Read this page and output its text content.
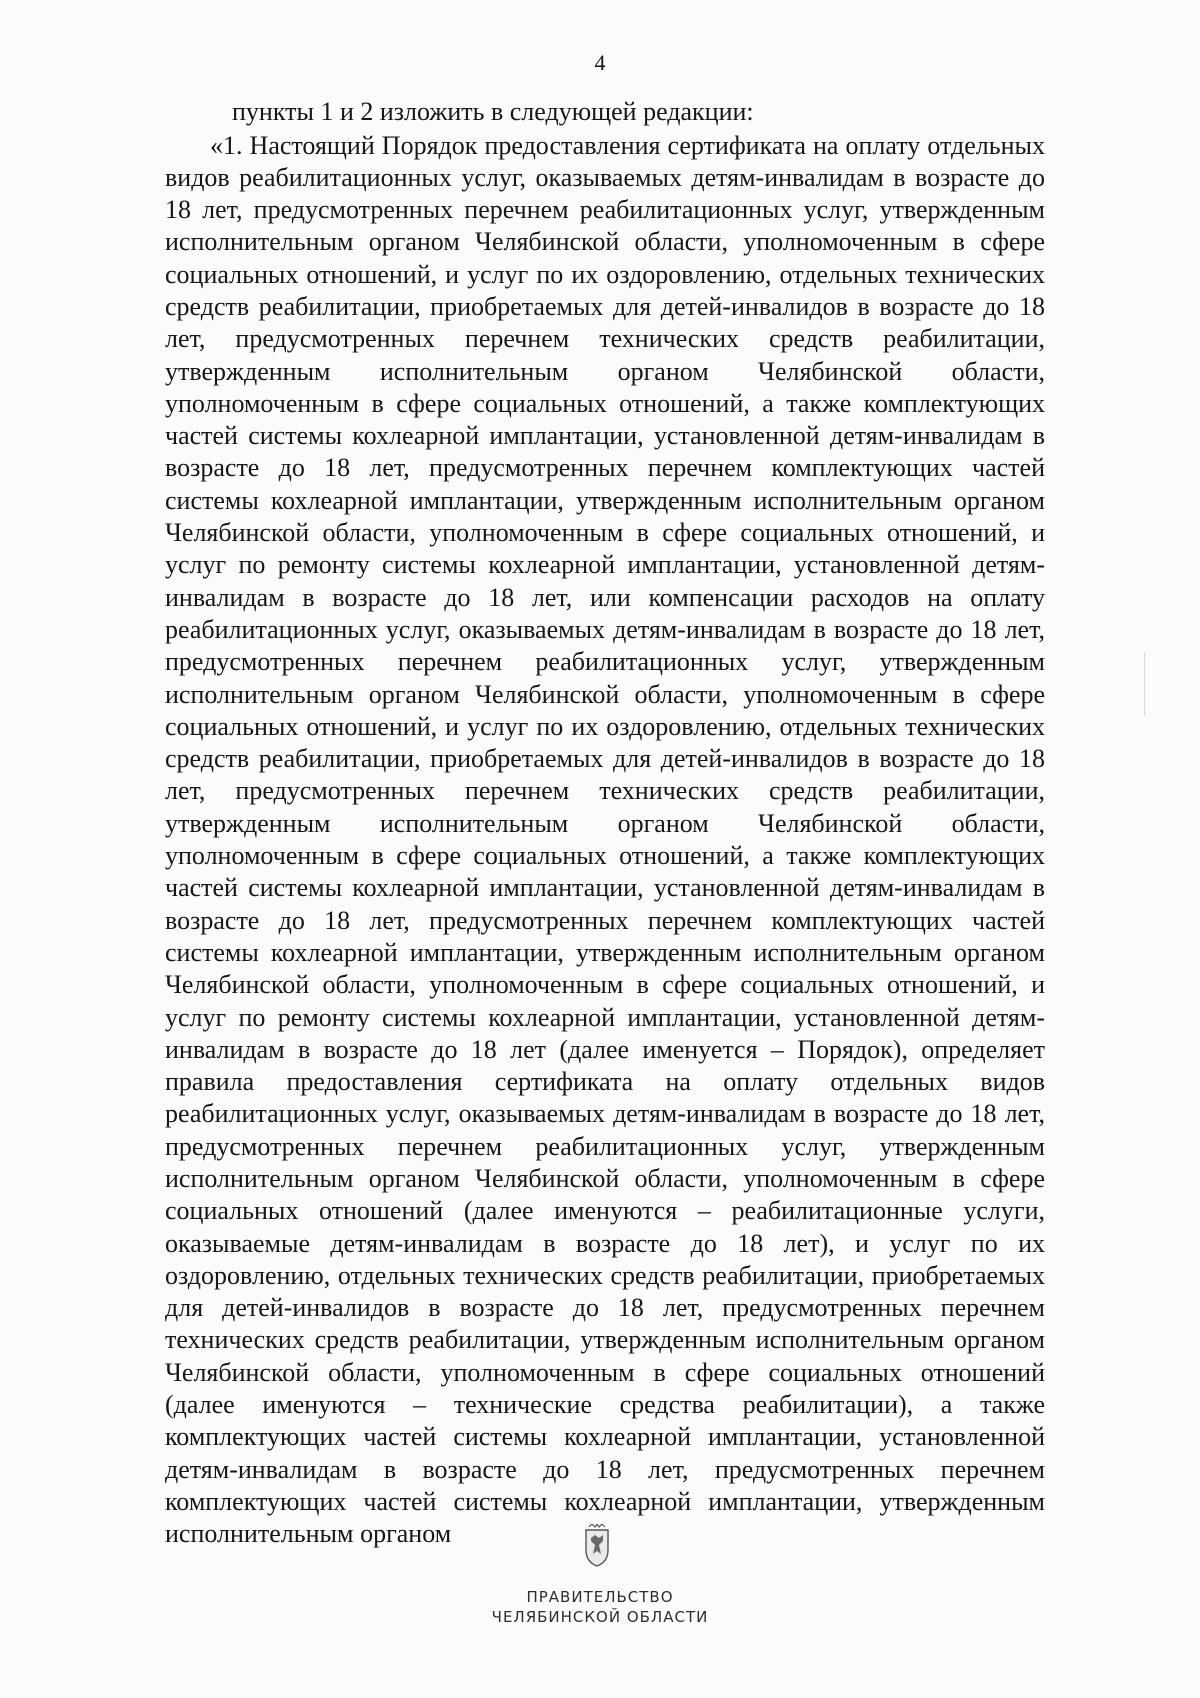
4

пункты 1 и 2 изложить в следующей редакции:

«1. Настоящий Порядок предоставления сертификата на оплату отдельных видов реабилитационных услуг, оказываемых детям-инвалидам в возрасте до 18 лет, предусмотренных перечнем реабилитационных услуг, утвержденным исполнительным органом Челябинской области, уполномоченным в сфере социальных отношений, и услуг по их оздоровлению, отдельных технических средств реабилитации, приобретаемых для детей-инвалидов в возрасте до 18 лет, предусмотренных перечнем технических средств реабилитации, утвержденным исполнительным органом Челябинской области, уполномоченным в сфере социальных отношений, а также комплектующих частей системы кохлеарной имплантации, установленной детям-инвалидам в возрасте до 18 лет, предусмотренных перечнем комплектующих частей системы кохлеарной имплантации, утвержденным исполнительным органом Челябинской области, уполномоченным в сфере социальных отношений, и услуг по ремонту системы кохлеарной имплантации, установленной детям-инвалидам в возрасте до 18 лет, или компенсации расходов на оплату реабилитационных услуг, оказываемых детям-инвалидам в возрасте до 18 лет, предусмотренных перечнем реабилитационных услуг, утвержденным исполнительным органом Челябинской области, уполномоченным в сфере социальных отношений, и услуг по их оздоровлению, отдельных технических средств реабилитации, приобретаемых для детей-инвалидов в возрасте до 18 лет, предусмотренных перечнем технических средств реабилитации, утвержденным исполнительным органом Челябинской области, уполномоченным в сфере социальных отношений, а также комплектующих частей системы кохлеарной имплантации, установленной детям-инвалидам в возрасте до 18 лет, предусмотренных перечнем комплектующих частей системы кохлеарной имплантации, утвержденным исполнительным органом Челябинской области, уполномоченным в сфере социальных отношений, и услуг по ремонту системы кохлеарной имплантации, установленной детям-инвалидам в возрасте до 18 лет (далее именуется – Порядок), определяет правила предоставления сертификата на оплату отдельных видов реабилитационных услуг, оказываемых детям-инвалидам в возрасте до 18 лет, предусмотренных перечнем реабилитационных услуг, утвержденным исполнительным органом Челябинской области, уполномоченным в сфере социальных отношений (далее именуются – реабилитационные услуги, оказываемые детям-инвалидам в возрасте до 18 лет), и услуг по их оздоровлению, отдельных технических средств реабилитации, приобретаемых для детей-инвалидов в возрасте до 18 лет, предусмотренных перечнем технических средств реабилитации, утвержденным исполнительным органом Челябинской области, уполномоченным в сфере социальных отношений (далее именуются – технические средства реабилитации), а также комплектующих частей системы кохлеарной имплантации, установленной детям-инвалидам в возрасте до 18 лет, предусмотренных перечнем комплектующих частей системы кохлеарной имплантации, утвержденным исполнительным органом

ПРАВИТЕЛЬСТВО
ЧЕЛЯБИНСКОЙ ОБЛАСТИ
